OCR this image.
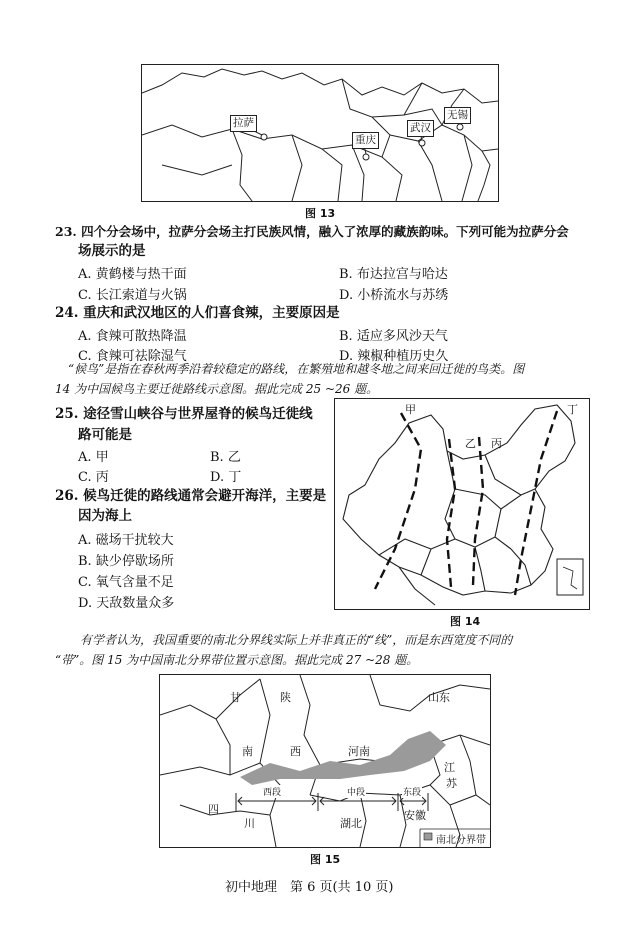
拉萨
重庆
武汉
无锡
图 13
23. 四个分会场中，拉萨分会场主打民族风情，融入了浓厚的藏族韵味。下列可能为拉萨分会
场展示的是
A. 黄鹤楼与热干面	B. 布达拉宫与哈达
C. 长江索道与火锅	D. 小桥流水与苏绣
24. 重庆和武汉地区的人们喜食辣，主要原因是
A. 食辣可散热降温	B. 适应多风沙天气
C. 食辣可祛除湿气	D. 辣椒种植历史久
“候鸟”是指在春秋两季沿着较稳定的路线，在繁殖地和越冬地之间来回迁徙的鸟类。图
14 为中国候鸟主要迁徙路线示意图。据此完成 25 ~26 题。
25. 途径雪山峡谷与世界屋脊的候鸟迁徙线
路可能是
A. 甲	B. 乙
C. 丙	D. 丁
26. 候鸟迁徙的路线通常会避开海洋，主要是
因为海上
A. 磁场干扰较大
B. 缺少停歇场所
C. 氧气含量不足
D. 天敌数量众多
甲
乙 丙
丁
图 14
有学者认为，我国重要的南北分界线实际上并非真正的“线”，而是东西宽度不同的
“带”。图 15 为中国南北分界带位置示意图。据此完成 27 ~28 题。
甘	陕	山东
南	西	河南
江
苏
四
川	湖北
安徽
西段	中段	东段
南北分界带
图 15
初中地理　第 6 页(共 10 页)
